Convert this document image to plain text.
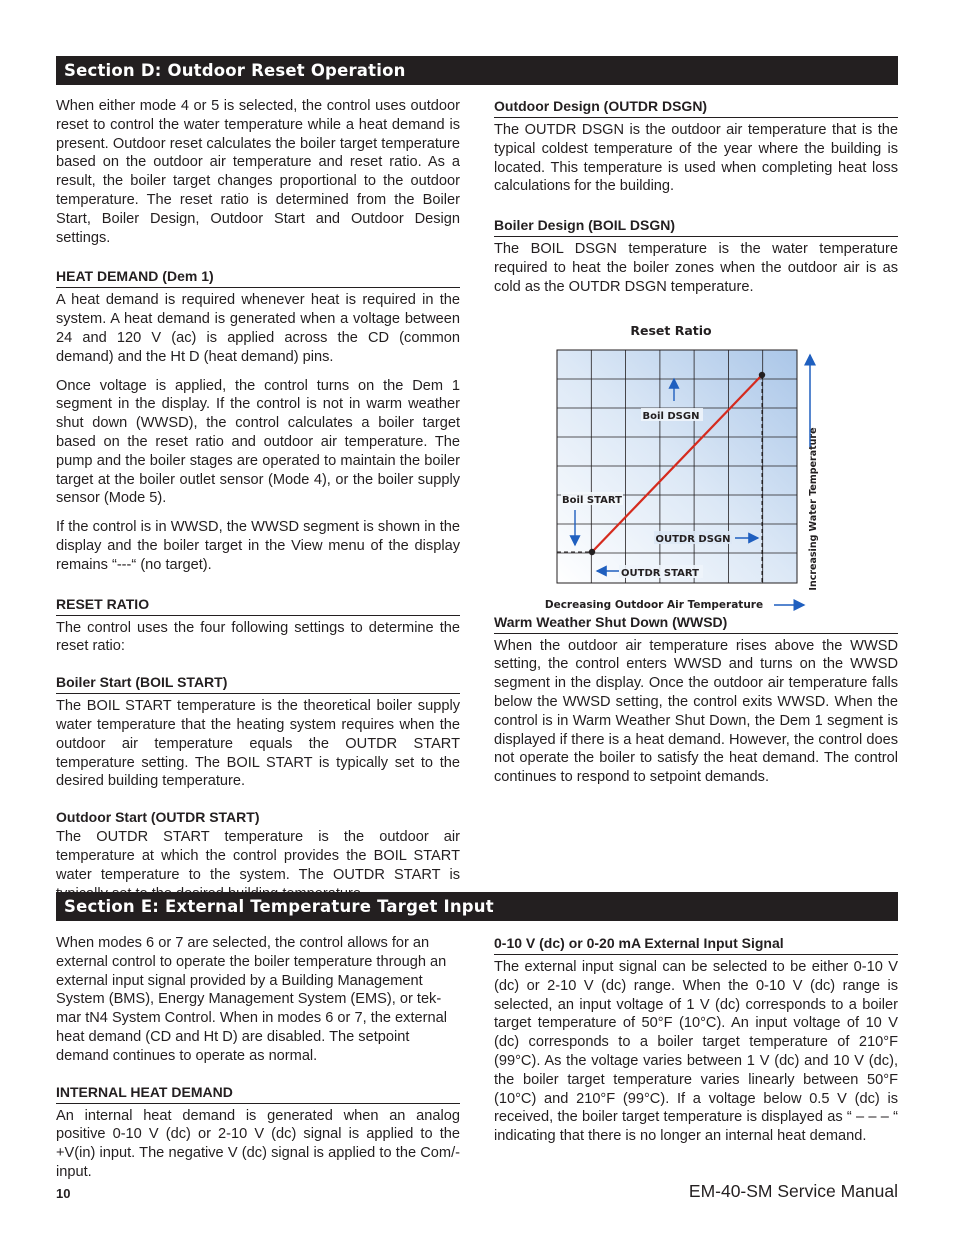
Section D: Outdoor Reset Operation

When either mode 4 or 5 is selected, the control uses outdoor reset to control the water temperature while a heat demand is present. Outdoor reset calculates the boiler target temperature based on the outdoor air temperature and reset ratio. As a result, the boiler target changes proportional to the outdoor temperature. The reset ratio is determined from the Boiler Start, Boiler Design, Outdoor Start and Outdoor Design settings.

HEAT DEMAND (Dem 1)

A heat demand is required whenever heat is required in the system. A heat demand is generated when a voltage between 24 and 120 V (ac) is applied across the CD (common demand) and the Ht D (heat demand) pins.

Once voltage is applied, the control turns on the Dem 1 segment in the display. If the control is not in warm weather shut down (WWSD), the control calculates a boiler target based on the reset ratio and outdoor air temperature. The pump and the boiler stages are operated to maintain the boiler target at the boiler outlet sensor (Mode 4), or the boiler supply sensor (Mode 5).

If the control is in WWSD, the WWSD segment is shown in the display and the boiler target in the View menu of the display remains “---“ (no target).

RESET RATIO

The control uses the four following settings to determine the reset ratio:

Boiler Start (BOIL START)

The BOIL START temperature is the theoretical boiler supply water temperature that the heating system requires when the outdoor air temperature equals the OUTDR START temperature setting. The BOIL START is typically set to the desired building temperature.

Outdoor Start (OUTDR START)

The OUTDR START temperature is the outdoor air temperature at which the control provides the BOIL START water temperature to the system. The OUTDR START is

Outdoor Design (OUTDR DSGN)

The OUTDR DSGN is the outdoor air temperature that is the typical coldest temperature of the year where the building is located. This temperature is used when completing heat loss calculations for the building.

Boiler Design (BOIL DSGN)

The BOIL DSGN temperature is the water temperature required to heat the boiler zones when the outdoor air is as cold as the OUTDR DSGN temperature.

Reset Ratio
Boil DSGN
Boil START
OUTDR DSGN
OUTDR START
Decreasing Outdoor Air Temperature
Increasing Water Temperature
Warm Weather Shut Down (WWSD)

When the outdoor air temperature rises above the WWSD setting, the control enters WWSD and turns on the WWSD segment in the display. Once the outdoor air temperature falls below the WWSD setting, the control exits WWSD. When the control is in Warm Weather Shut Down, the Dem 1 segment is displayed if there is a heat demand. However, the control does not operate the boiler to satisfy the heat demand. The control continues to respond to setpoint demands.

Section E: External Temperature Target Input

When modes 6 or 7 are selected, the control allows for an external control to operate the boiler temperature through an external input signal provided by a Building Management System (BMS), Energy Management System (EMS), or tek-mar tN4 System Control. When in modes 6 or 7, the external heat demand (CD and Ht D) are disabled. The setpoint demand continues to operate as normal.

INTERNAL HEAT DEMAND

An internal heat demand is generated when an analog positive 0-10 V (dc) or 2-10 V (dc) signal is applied to the +V(in) input. The negative V (dc) signal is applied to the Com/- input.

0-10 V (dc) or 0-20 mA External Input Signal

The external input signal can be selected to be either 0-10 V (dc) or 2-10 V (dc) range. When the 0-10 V (dc) range is selected, an input voltage of 1 V (dc) corresponds to a boiler target temperature of 50°F (10°C). An input voltage of 10 V (dc) corresponds to a boiler target temperature of 210°F (99°C). As the voltage varies between 1 V (dc) and 10 V (dc), the boiler target temperature varies linearly between 50°F (10°C) and 210°F (99°C). If a voltage below 0.5 V (dc) is received, the boiler target temperature is displayed as “ – – – “ indicating that there is no longer an internal heat demand.

10	EM-40-SM Service Manual
